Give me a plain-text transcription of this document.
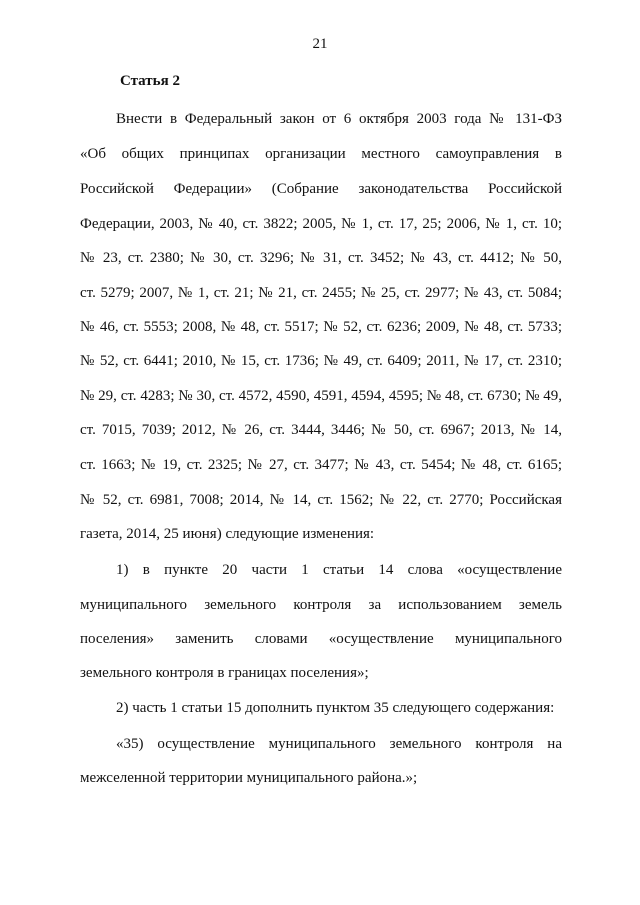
21
Статья 2
Внести в Федеральный закон от 6 октября 2003 года № 131-ФЗ
«Об общих принципах организации местного самоуправления в
Российской Федерации» (Собрание законодательства Российской
Федерации, 2003, № 40, ст. 3822; 2005, № 1, ст. 17, 25; 2006, № 1, ст. 10;
№ 23, ст. 2380; № 30, ст. 3296; № 31, ст. 3452; № 43, ст. 4412; № 50,
ст. 5279; 2007, № 1, ст. 21; № 21, ст. 2455; № 25, ст. 2977; № 43, ст. 5084;
№ 46, ст. 5553; 2008, № 48, ст. 5517; № 52, ст. 6236; 2009, № 48, ст. 5733;
№ 52, ст. 6441; 2010, № 15, ст. 1736; № 49, ст. 6409; 2011, № 17, ст. 2310;
№ 29, ст. 4283; № 30, ст. 4572, 4590, 4591, 4594, 4595; № 48, ст. 6730; № 49,
ст. 7015, 7039; 2012, № 26, ст. 3444, 3446; № 50, ст. 6967; 2013, № 14,
ст. 1663; № 19, ст. 2325; № 27, ст. 3477; № 43, ст. 5454; № 48, ст. 6165;
№ 52, ст. 6981, 7008; 2014, № 14, ст. 1562; № 22, ст. 2770; Российская
газета, 2014, 25 июня) следующие изменения:
1) в пункте 20 части 1 статьи 14 слова «осуществление
муниципального земельного контроля за использованием земель
поселения» заменить словами «осуществление муниципального
земельного контроля в границах поселения»;
2) часть 1 статьи 15 дополнить пунктом 35 следующего содержания:
«35) осуществление муниципального земельного контроля на
межселенной территории муниципального района.»;
